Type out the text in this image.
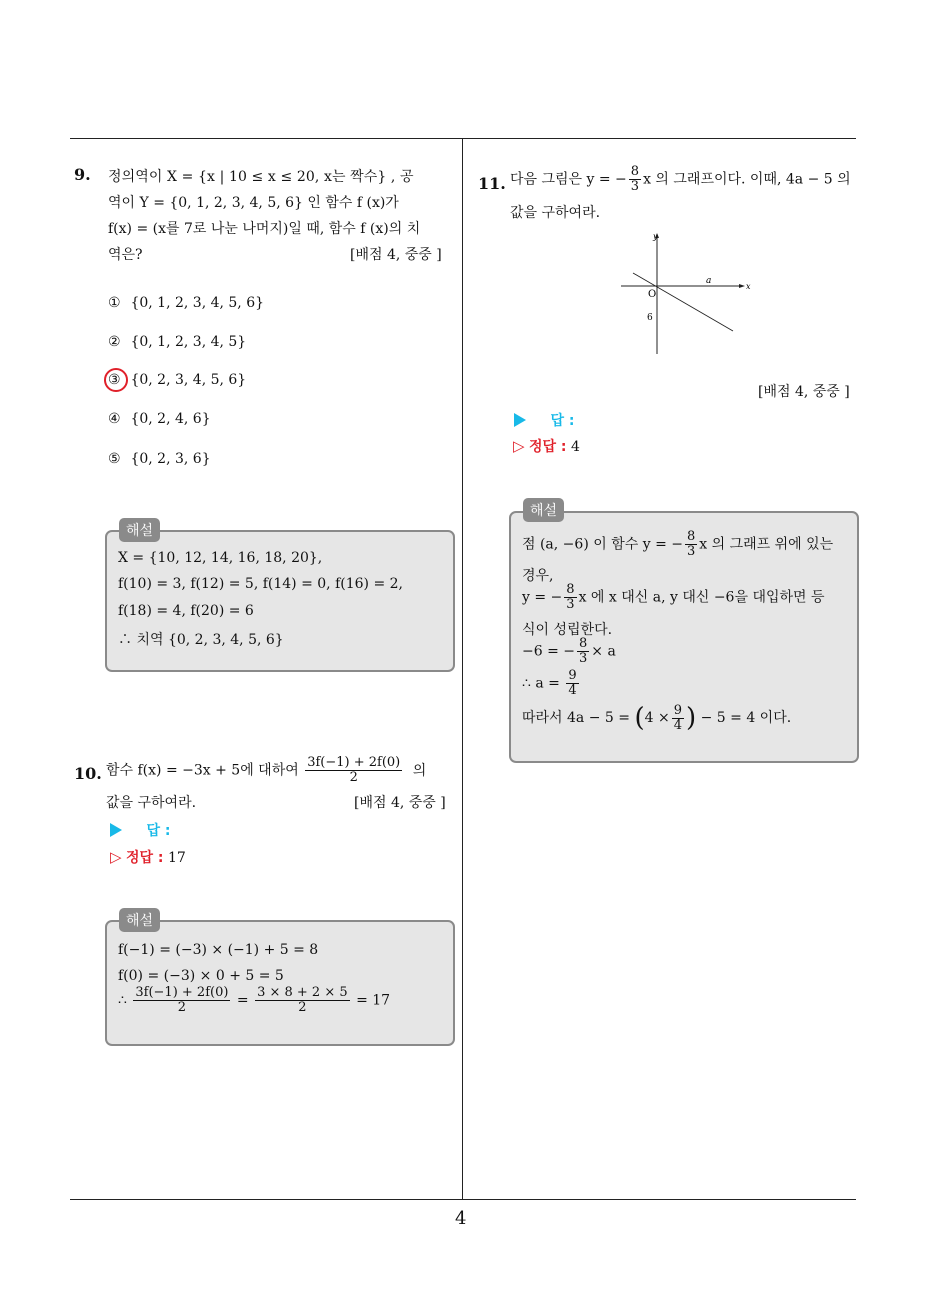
4
9. 정의역이 X = {x | 10 ≤ x ≤ 20, x는 짝수} , 공
역이 Y = {0, 1, 2, 3, 4, 5, 6} 인 함수 f (x)가
f(x) = (x를 7로 나눈 나머지)일 때, 함수 f (x)의 치
역은?	[배점 4, 중중 ]
① {0, 1, 2, 3, 4, 5, 6}
② {0, 1, 2, 3, 4, 5}
③ {0, 2, 3, 4, 5, 6}
④ {0, 2, 4, 6}
⑤ {0, 2, 3, 6}
해설
X = {10, 12, 14, 16, 18, 20},
f(10) = 3, f(12) = 5, f(14) = 0, f(16) = 2,
f(18) = 4, f(20) = 6
∴ 치역 {0, 2, 3, 4, 5, 6}
10. 함수 f(x) = −3x + 5에 대하여 $\frac{3f(-1) + 2f(0)}{2}$ 의
값을 구하여라.	[배점 4, 중중 ]
답 :
▷ 정답 : 17
해설
f(−1) = (−3) × (−1) + 5 = 8
f(0) = (−3) × 0 + 5 = 5
∴ $\frac{3f(-1) + 2f(0)}{2} = \frac{3 \times 8 + 2 \times 5}{2} = 17$
11. 다음 그림은 y = − $\frac{8}{3}$ x 의 그래프이다. 이때, 4a − 5 의
값을 구하여라.
y
x
O
a
6
[배점 4, 중중 ]
답 :
▷ 정답 : 4
해설
점 (a, −6) 이 함수 y = − $\frac{8}{3}$ x 의 그래프 위에 있는
경우,
y = − $\frac{8}{3}$ x 에 x 대신 a, y 대신 −6을 대입하면 등
식이 성립한다.
−6 = − $\frac{8}{3} \times a$
∴ $a = \frac{9}{4}$
따라서 $4a - 5 = (4 \times \frac{9}{4}$ ) − 5 = 4 이다.
